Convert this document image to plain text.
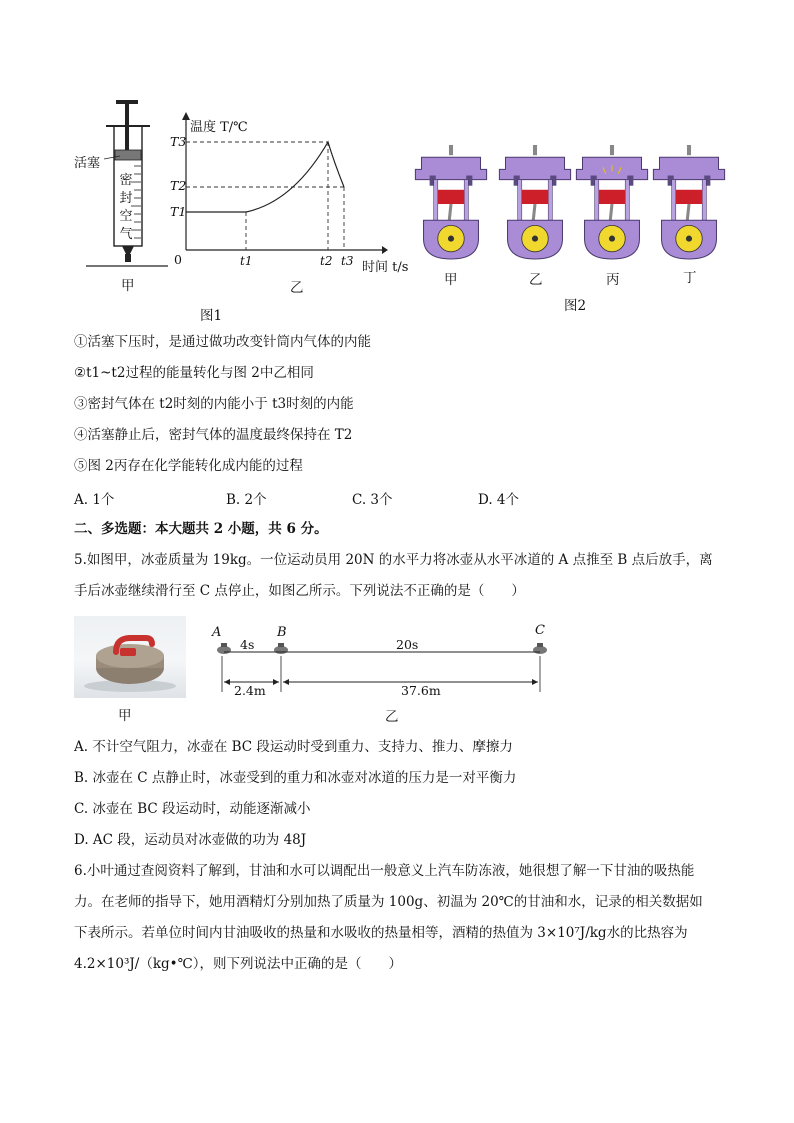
活塞
密
封
空
气
甲
温度 T/℃
T3
T2
T1
0	t1	t2 t3 时间 t/s
乙
图1
甲	乙	丙	丁
图2
①活塞下压时，是通过做功改变针筒内气体的内能
②t1~t2过程的能量转化与图 2中乙相同
③密封气体在 t2时刻的内能小于 t3时刻的内能
④活塞静止后，密封气体的温度最终保持在 T2
⑤图 2丙存在化学能转化成内能的过程
A. 1个	B. 2个	C. 3个	D. 4个
二、多选题：本大题共 2 小题，共 6 分。
5.如图甲，冰壶质量为 19kg。一位运动员用 20N 的水平力将冰壶从水平冰道的 A 点推至 B 点后放手，离
手后冰壶继续滑行至 C 点停止，如图乙所示。下列说法不正确的是（　　）
甲
A	B	C
4s	20s
2.4m	37.6m
乙
A. 不计空气阻力，冰壶在 BC 段运动时受到重力、支持力、推力、摩擦力
B. 冰壶在 C 点静止时，冰壶受到的重力和冰壶对冰道的压力是一对平衡力
C. 冰壶在 BC 段运动时，动能逐渐减小
D. AC 段，运动员对冰壶做的功为 48J
6.小叶通过查阅资料了解到，甘油和水可以调配出一般意义上汽车防冻液，她很想了解一下甘油的吸热能
力。在老师的指导下，她用酒精灯分别加热了质量为 100g、初温为 20℃的甘油和水，记录的相关数据如
下表所示。若单位时间内甘油吸收的热量和水吸收的热量相等，酒精的热值为 3×10⁷J/kg水的比热容为
4.2×10³J/（kg•℃），则下列说法中正确的是（　　）
